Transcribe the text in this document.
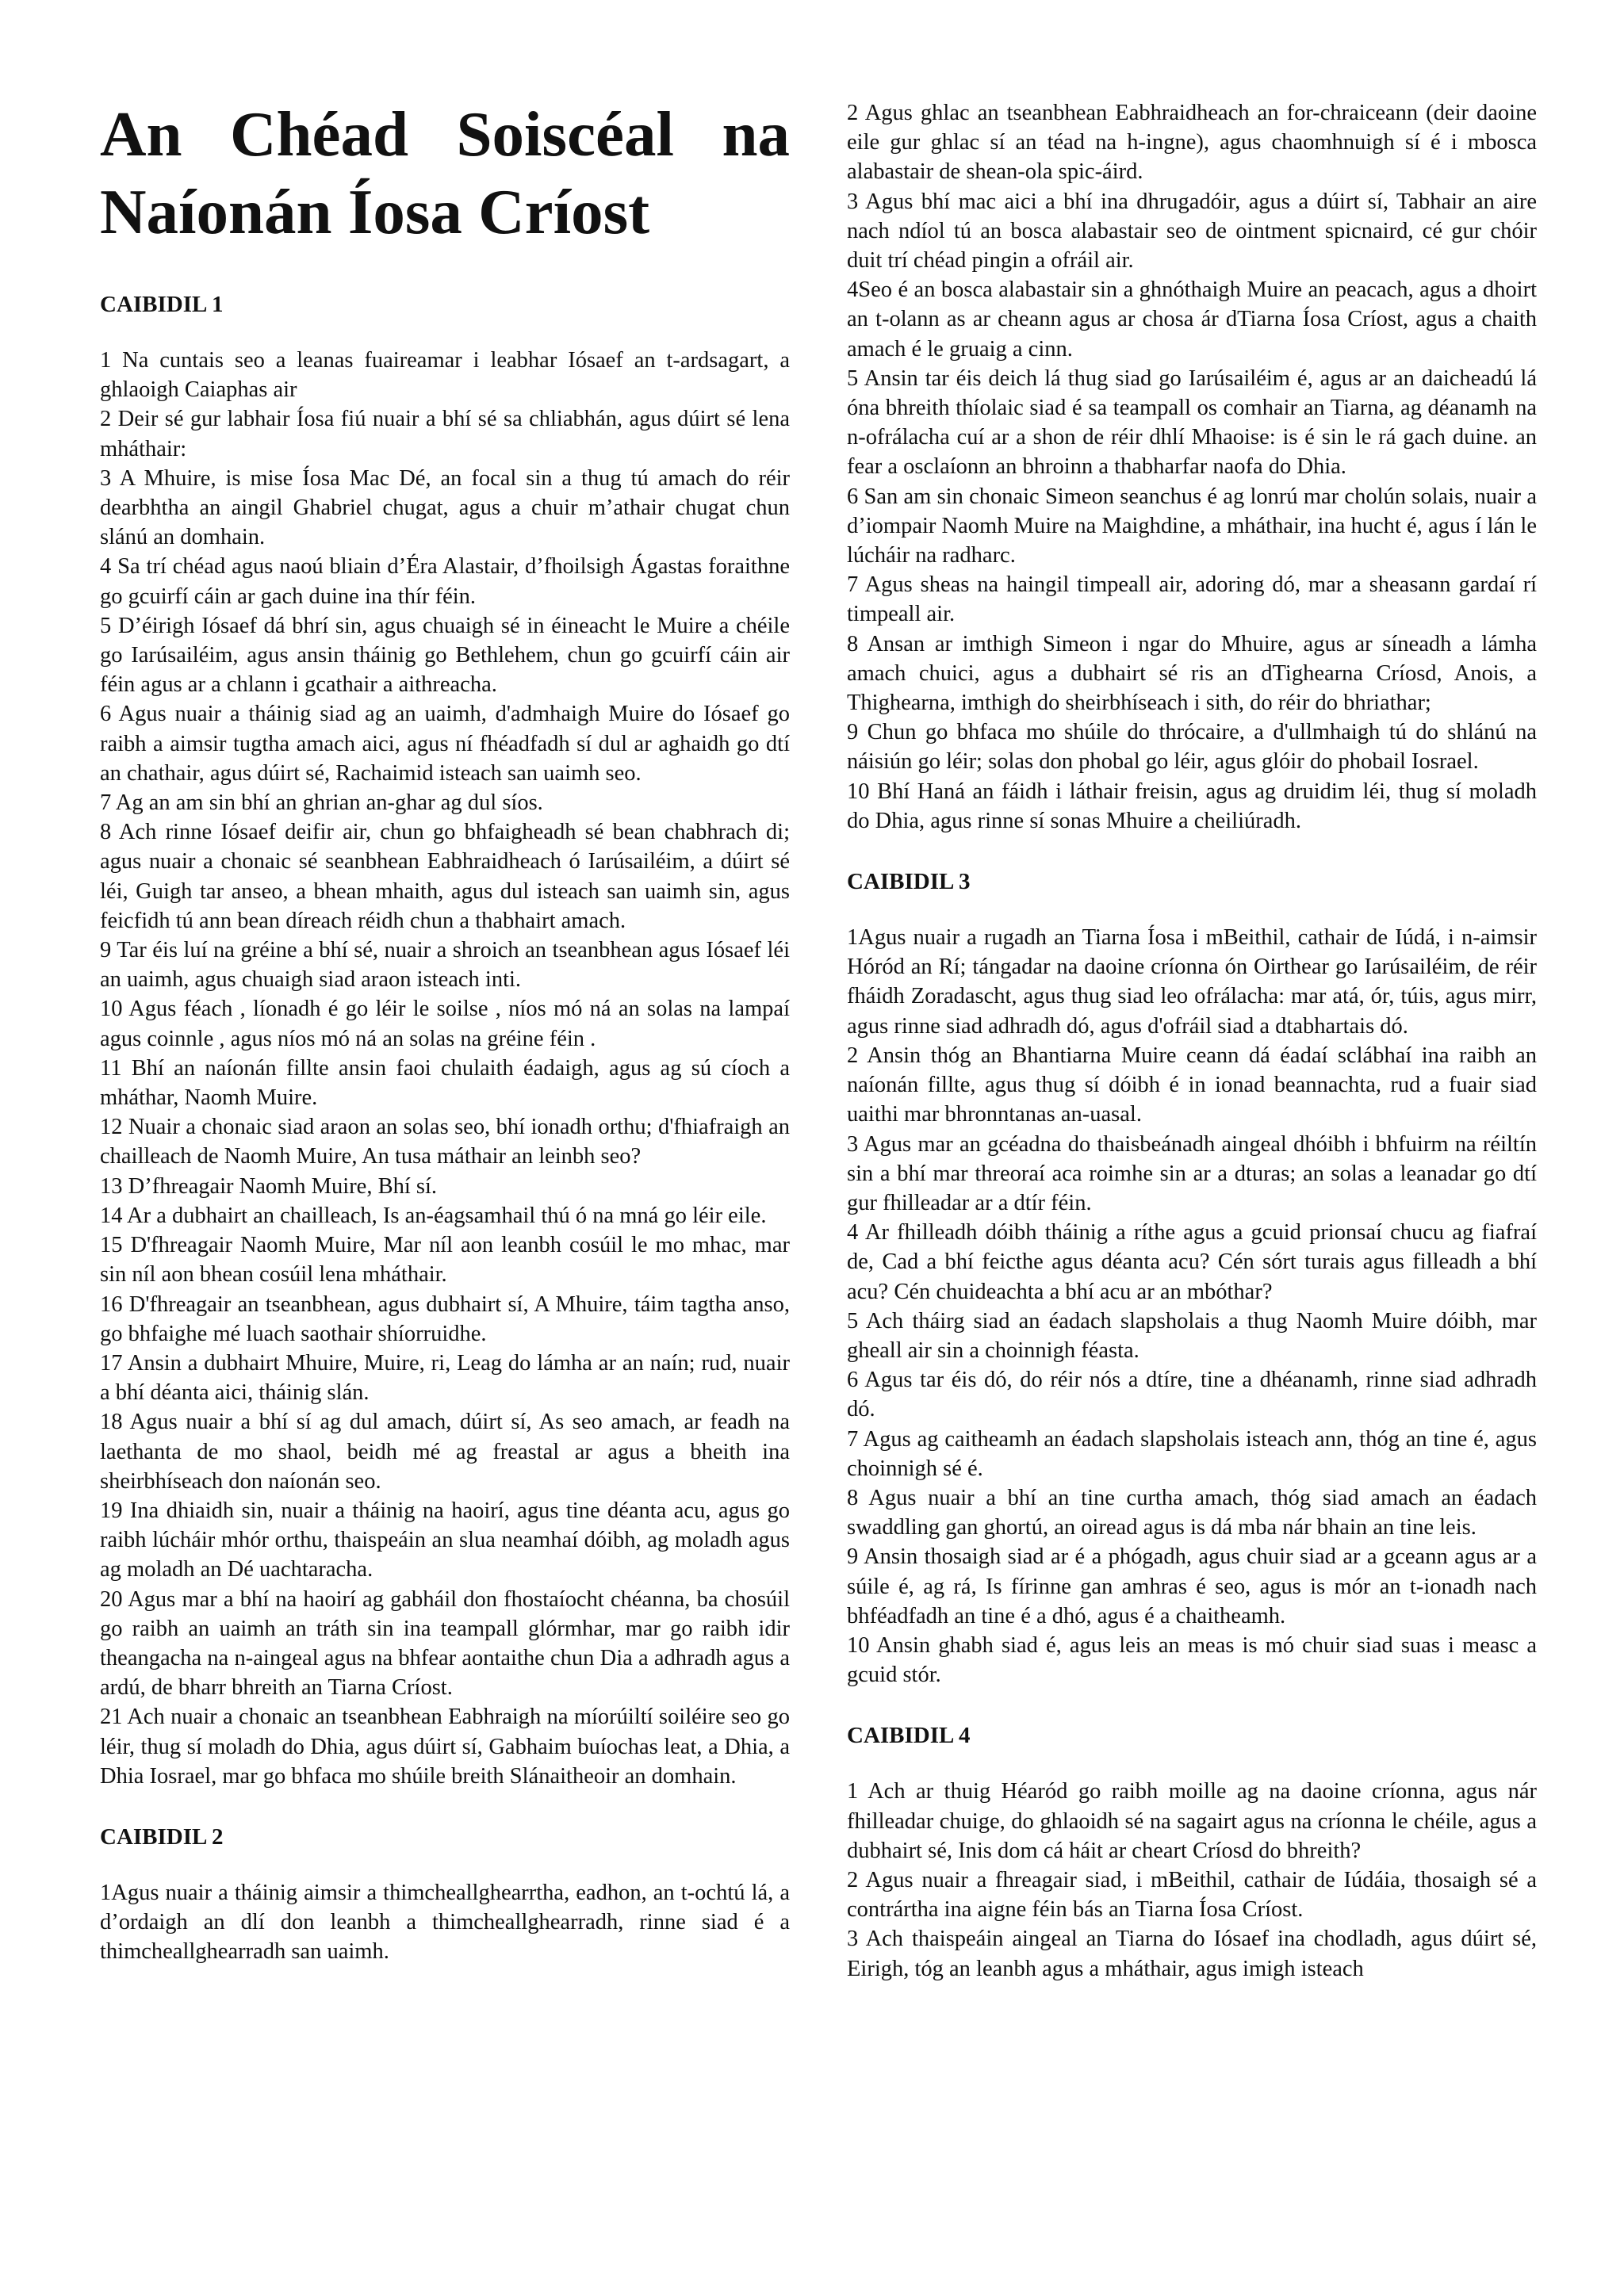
An Chéad Soiscéal na Naíonán Íosa Críost
CAIBIDIL 1

1 Na cuntais seo a leanas fuaireamar i leabhar Iósaef an t-ardsagart, a ghlaoigh Caiaphas air

2 Deir sé gur labhair Íosa fiú nuair a bhí sé sa chliabhán, agus dúirt sé lena mháthair:

3 A Mhuire, is mise Íosa Mac Dé, an focal sin a thug tú amach do réir dearbhtha an aingil Ghabriel chugat, agus a chuir m’athair chugat chun slánú an domhain.

4 Sa trí chéad agus naoú bliain d’Éra Alastair, d’fhoilsigh Ágastas foraithne go gcuirfí cáin ar gach duine ina thír féin.

5 D’éirigh Iósaef dá bhrí sin, agus chuaigh sé in éineacht le Muire a chéile go Iarúsailéim, agus ansin tháinig go Bethlehem, chun go gcuirfí cáin air féin agus ar a chlann i gcathair a aithreacha.

6 Agus nuair a tháinig siad ag an uaimh, d'admhaigh Muire do Iósaef go raibh a aimsir tugtha amach aici, agus ní fhéadfadh sí dul ar aghaidh go dtí an chathair, agus dúirt sé, Rachaimid isteach san uaimh seo.

7 Ag an am sin bhí an ghrian an-ghar ag dul síos.

8 Ach rinne Iósaef deifir air, chun go bhfaigheadh sé bean chabhrach di; agus nuair a chonaic sé seanbhean Eabhraidheach ó Iarúsailéim, a dúirt sé léi, Guigh tar anseo, a bhean mhaith, agus dul isteach san uaimh sin, agus feicfidh tú ann bean díreach réidh chun a thabhairt amach.

9 Tar éis luí na gréine a bhí sé, nuair a shroich an tseanbhean agus Iósaef léi an uaimh, agus chuaigh siad araon isteach inti.

10 Agus féach , líonadh é go léir le soilse , níos mó ná an solas na lampaí agus coinnle , agus níos mó ná an solas na gréine féin .

11 Bhí an naíonán fillte ansin faoi chulaith éadaigh, agus ag sú cíoch a mháthar, Naomh Muire.

12 Nuair a chonaic siad araon an solas seo, bhí ionadh orthu; d'fhiafraigh an chailleach de Naomh Muire, An tusa máthair an leinbh seo?

13 D’fhreagair Naomh Muire, Bhí sí.

14 Ar a dubhairt an chailleach, Is an-éagsamhail thú ó na mná go léir eile.

15 D'fhreagair Naomh Muire, Mar níl aon leanbh cosúil le mo mhac, mar sin níl aon bhean cosúil lena mháthair.

16 D'fhreagair an tseanbhean, agus dubhairt sí, A Mhuire, táim tagtha anso, go bhfaighe mé luach saothair shíorruidhe.

17 Ansin a dubhairt Mhuire, Muire, ri, Leag do lámha ar an naín; rud, nuair a bhí déanta aici, tháinig slán.

18 Agus nuair a bhí sí ag dul amach, dúirt sí, As seo amach, ar feadh na laethanta de mo shaol, beidh mé ag freastal ar agus a bheith ina sheirbhíseach don naíonán seo.

19 Ina dhiaidh sin, nuair a tháinig na haoirí, agus tine déanta acu, agus go raibh lúcháir mhór orthu, thaispeáin an slua neamhaí dóibh, ag moladh agus ag moladh an Dé uachtaracha.

20 Agus mar a bhí na haoirí ag gabháil don fhostaíocht chéanna, ba chosúil go raibh an uaimh an tráth sin ina teampall glórmhar, mar go raibh idir theangacha na n-aingeal agus na bhfear aontaithe chun Dia a adhradh agus a ardú, de bharr bhreith an Tiarna Críost.

21 Ach nuair a chonaic an tseanbhean Eabhraigh na míorúiltí soiléire seo go léir, thug sí moladh do Dhia, agus dúirt sí, Gabhaim buíochas leat, a Dhia, a Dhia Iosrael, mar go bhfaca mo shúile breith Slánaitheoir an domhain.

CAIBIDIL 2

1Agus nuair a tháinig aimsir a thimcheallghearrtha, eadhon, an t-ochtú lá, a d’ordaigh an dlí don leanbh a thimcheallghearradh, rinne siad é a thimcheallghearradh san uaimh.

2 Agus ghlac an tseanbhean Eabhraidheach an for-chraiceann (deir daoine eile gur ghlac sí an téad na h-ingne), agus chaomhnuigh sí é i mbosca alabastair de shean-ola spic-áird.

3 Agus bhí mac aici a bhí ina dhrugadóir, agus a dúirt sí, Tabhair an aire nach ndíol tú an bosca alabastair seo de ointment spicnaird, cé gur chóir duit trí chéad pingin a ofráil air.

4Seo é an bosca alabastair sin a ghnóthaigh Muire an peacach, agus a dhoirt an t-olann as ar cheann agus ar chosa ár dTiarna Íosa Críost, agus a chaith amach é le gruaig a cinn.

5 Ansin tar éis deich lá thug siad go Iarúsailéim é, agus ar an daicheadú lá óna bhreith thíolaic siad é sa teampall os comhair an Tiarna, ag déanamh na n-ofrálacha cuí ar a shon de réir dhlí Mhaoise: is é sin le rá gach duine. an fear a osclaíonn an bhroinn a thabharfar naofa do Dhia.

6 San am sin chonaic Simeon seanchus é ag lonrú mar cholún solais, nuair a d’iompair Naomh Muire na Maighdine, a mháthair, ina hucht é, agus í lán le lúcháir na radharc.

7 Agus sheas na haingil timpeall air, adoring dó, mar a sheasann gardaí rí timpeall air.

8 Ansan ar imthigh Simeon i ngar do Mhuire, agus ar síneadh a lámha amach chuici, agus a dubhairt sé ris an dTighearna Críosd, Anois, a Thighearna, imthigh do sheirbhíseach i sith, do réir do bhriathar;

9 Chun go bhfaca mo shúile do thrócaire, a d'ullmhaigh tú do shlánú na náisiún go léir; solas don phobal go léir, agus glóir do phobail Iosrael.

10 Bhí Haná an fáidh i láthair freisin, agus ag druidim léi, thug sí moladh do Dhia, agus rinne sí sonas Mhuire a cheiliúradh.

CAIBIDIL 3

1Agus nuair a rugadh an Tiarna Íosa i mBeithil, cathair de Iúdá, i n-aimsir Hóród an Rí; tángadar na daoine críonna ón Oirthear go Iarúsailéim, de réir fháidh Zoradascht, agus thug siad leo ofrálacha: mar atá, ór, túis, agus mirr, agus rinne siad adhradh dó, agus d'ofráil siad a dtabhartais dó.

2 Ansin thóg an Bhantiarna Muire ceann dá éadaí sclábhaí ina raibh an naíonán fillte, agus thug sí dóibh é in ionad beannachta, rud a fuair siad uaithi mar bhronntanas an-uasal.

3 Agus mar an gcéadna do thaisbeánadh aingeal dhóibh i bhfuirm na réiltín sin a bhí mar threoraí aca roimhe sin ar a dturas; an solas a leanadar go dtí gur fhilleadar ar a dtír féin.

4 Ar fhilleadh dóibh tháinig a ríthe agus a gcuid prionsaí chucu ag fiafraí de, Cad a bhí feicthe agus déanta acu? Cén sórt turais agus filleadh a bhí acu? Cén chuideachta a bhí acu ar an mbóthar?

5 Ach tháirg siad an éadach slapsholais a thug Naomh Muire dóibh, mar gheall air sin a choinnigh féasta.

6 Agus tar éis dó, do réir nós a dtíre, tine a dhéanamh, rinne siad adhradh dó.

7 Agus ag caitheamh an éadach slapsholais isteach ann, thóg an tine é, agus choinnigh sé é.

8 Agus nuair a bhí an tine curtha amach, thóg siad amach an éadach swaddling gan ghortú, an oiread agus is dá mba nár bhain an tine leis.

9 Ansin thosaigh siad ar é a phógadh, agus chuir siad ar a gceann agus ar a súile é, ag rá, Is fírinne gan amhras é seo, agus is mór an t-ionadh nach bhféadfadh an tine é a dhó, agus é a chaitheamh.

10 Ansin ghabh siad é, agus leis an meas is mó chuir siad suas i measc a gcuid stór.

CAIBIDIL 4

1 Ach ar thuig Héaród go raibh moille ag na daoine críonna, agus nár fhilleadar chuige, do ghlaoidh sé na sagairt agus na críonna le chéile, agus a dubhairt sé, Inis dom cá háit ar cheart Críosd do bhreith?

2 Agus nuair a fhreagair siad, i mBeithil, cathair de Iúdáia, thosaigh sé a contrártha ina aigne féin bás an Tiarna Íosa Críost.

3 Ach thaispeáin aingeal an Tiarna do Iósaef ina chodladh, agus dúirt sé, Eirigh, tóg an leanbh agus a mháthair, agus imigh isteach
